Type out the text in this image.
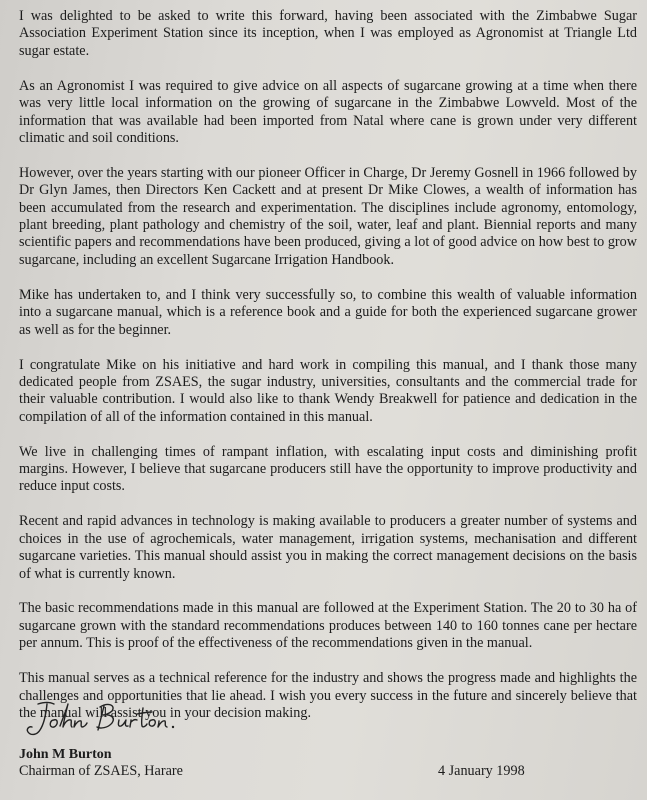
I was delighted to be asked to write this forward, having been associated with the Zimbabwe Sugar Association Experiment Station since its inception, when I was employed as Agronomist at Triangle Ltd sugar estate.

As an Agronomist I was required to give advice on all aspects of sugarcane growing at a time when there was very little local information on the growing of sugarcane in the Zimbabwe Lowveld. Most of the information that was available had been imported from Natal where cane is grown under very different climatic and soil conditions.

However, over the years starting with our pioneer Officer in Charge, Dr Jeremy Gosnell in 1966 followed by Dr Glyn James, then Directors Ken Cackett and at present Dr Mike Clowes, a wealth of information has been accumulated from the research and experimentation. The disciplines include agronomy, entomology, plant breeding, plant pathology and chemistry of the soil, water, leaf and plant. Biennial reports and many scientific papers and recommendations have been produced, giving a lot of good advice on how best to grow sugarcane, including an excellent Sugarcane Irrigation Handbook.

Mike has undertaken to, and I think very successfully so, to combine this wealth of valuable information into a sugarcane manual, which is a reference book and a guide for both the experienced sugarcane grower as well as for the beginner.

I congratulate Mike on his initiative and hard work in compiling this manual, and I thank those many dedicated people from ZSAES, the sugar industry, universities, consultants and the commercial trade for their valuable contribution. I would also like to thank Wendy Breakwell for patience and dedication in the compilation of all of the information contained in this manual.

We live in challenging times of rampant inflation, with escalating input costs and diminishing profit margins. However, I believe that sugarcane producers still have the opportunity to improve productivity and reduce input costs.

Recent and rapid advances in technology is making available to producers a greater number of systems and choices in the use of agrochemicals, water management, irrigation systems, mechanisation and different sugarcane varieties. This manual should assist you in making the correct management decisions on the basis of what is currently known.

The basic recommendations made in this manual are followed at the Experiment Station. The 20 to 30 ha of sugarcane grown with the standard recommendations produces between 140 to 160 tonnes cane per hectare per annum. This is proof of the effectiveness of the recommendations given in the manual.

This manual serves as a technical reference for the industry and shows the progress made and highlights the challenges and opportunities that lie ahead. I wish you every success in the future and sincerely believe that the manual will assist you in your decision making.

John M Burton
Chairman of ZSAES, Harare	4 January 1998
